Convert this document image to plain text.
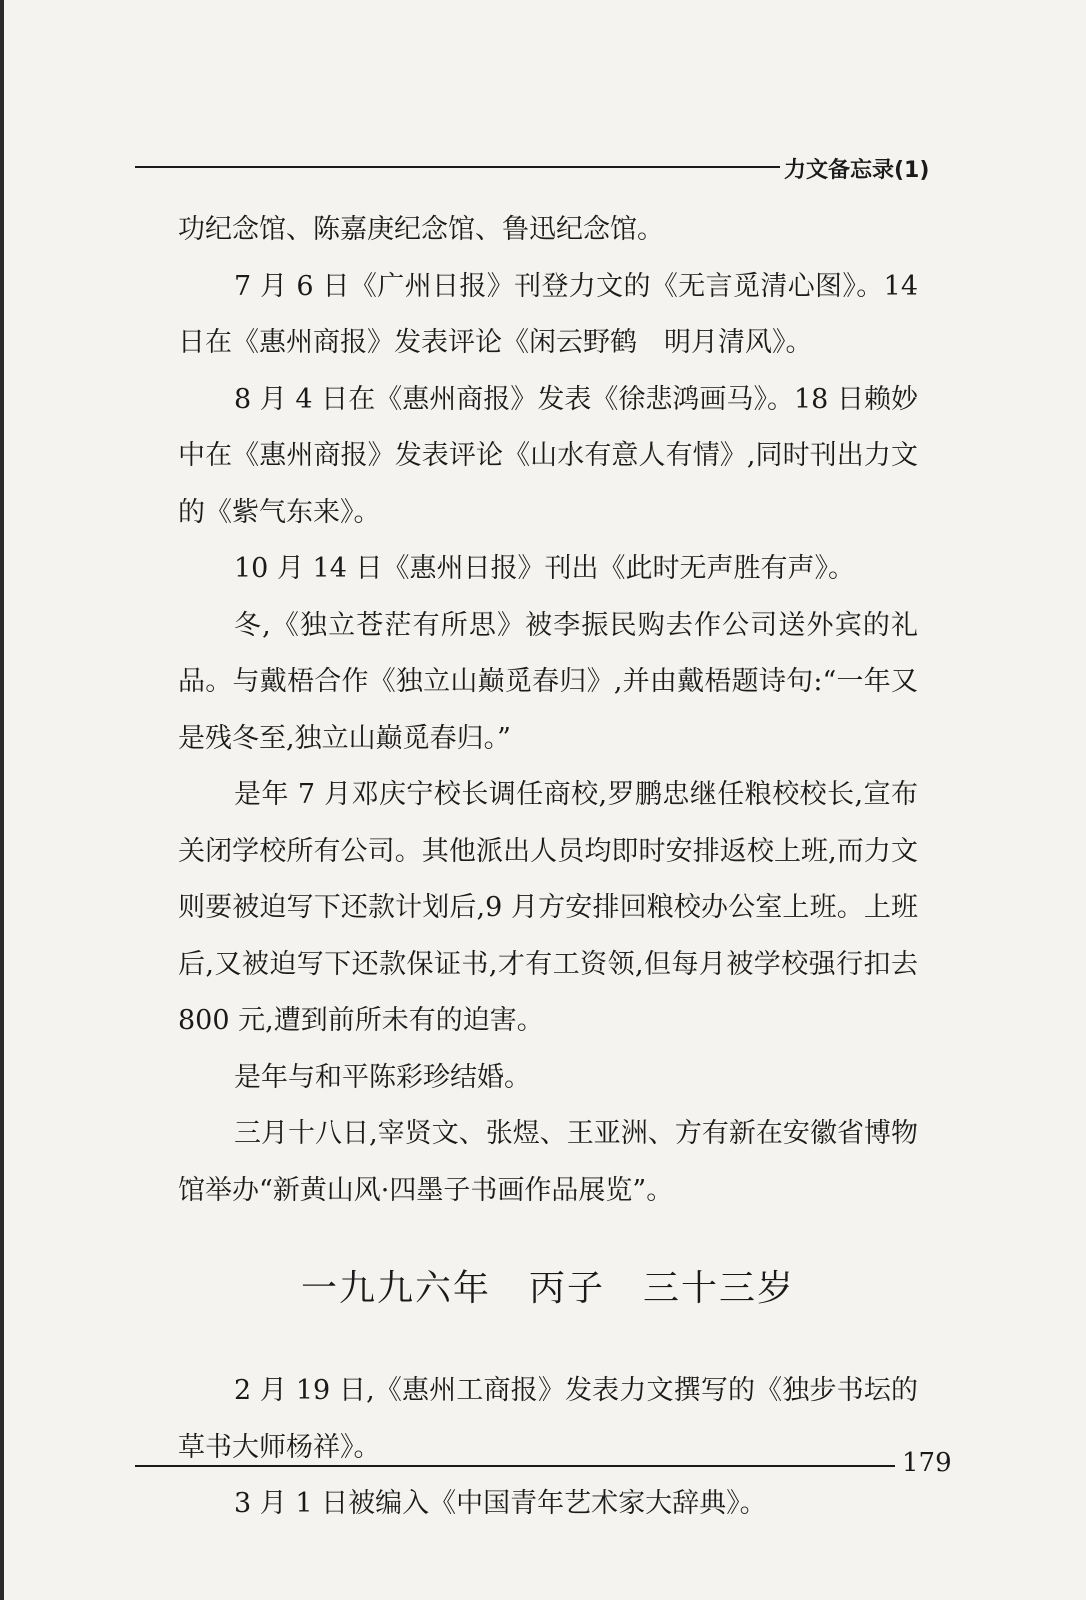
力文备忘录(1)

功纪念馆、陈嘉庚纪念馆、鲁迅纪念馆。

7 月 6 日《广州日报》刊登力文的《无言觅清心图》。14 日在《惠州商报》发表评论《闲云野鹤　明月清风》。

8 月 4 日在《惠州商报》发表《徐悲鸿画马》。18 日赖妙中在《惠州商报》发表评论《山水有意人有情》,同时刊出力文的《紫气东来》。

10 月 14 日《惠州日报》刊出《此时无声胜有声》。

冬,《独立苍茫有所思》被李振民购去作公司送外宾的礼品。与戴梧合作《独立山巅觅春归》,并由戴梧题诗句:“一年又是残冬至,独立山巅觅春归。”

是年 7 月邓庆宁校长调任商校,罗鹏忠继任粮校校长,宣布关闭学校所有公司。其他派出人员均即时安排返校上班,而力文则要被迫写下还款计划后,9 月方安排回粮校办公室上班。上班后,又被迫写下还款保证书,才有工资领,但每月被学校强行扣去 800 元,遭到前所未有的迫害。

是年与和平陈彩珍结婚。

三月十八日,宰贤文、张煜、王亚洲、方有新在安徽省博物馆举办“新黄山风·四墨子书画作品展览”。

一九九六年　丙子　三十三岁

2 月 19 日,《惠州工商报》发表力文撰写的《独步书坛的草书大师杨祥》。

3 月 1 日被编入《中国青年艺术家大辞典》。

179
